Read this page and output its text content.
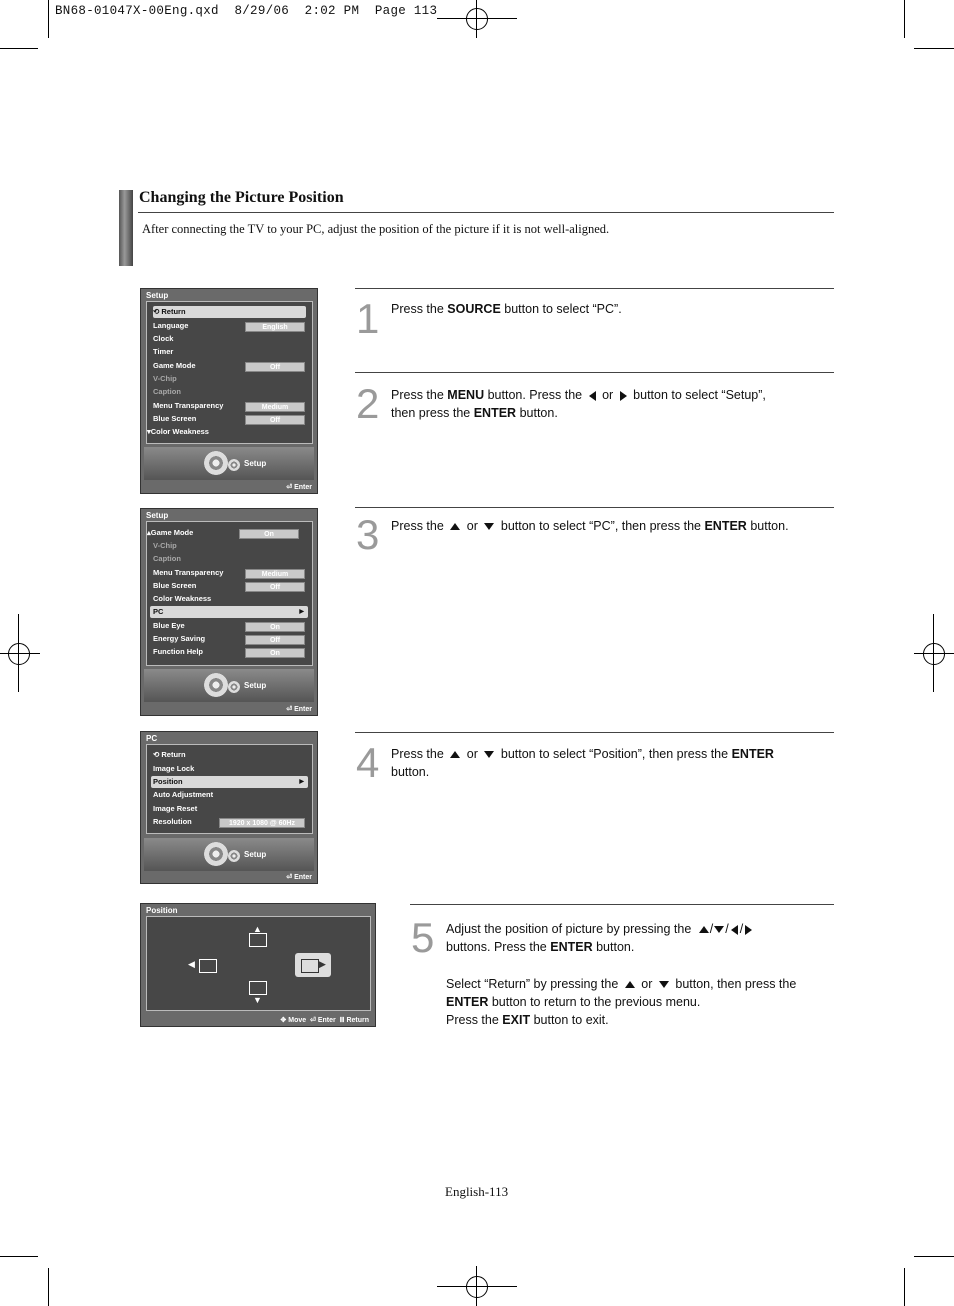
BN68-01047X-00Eng.qxd 8/29/06 2:02 PM Page 113
Changing the Picture Position
After connecting the TV to your PC, adjust the position of the picture if it is not well-aligned.
Setup
⟲ Return
Language	English
Clock
Timer
Game Mode	Off
V-Chip
Caption
Menu Transparency	Medium
Blue Screen	Off
▾Color Weakness
Setup
⏎ Enter
Setup
▴Game Mode	On
V-Chip
Caption
Menu Transparency	Medium
Blue Screen	Off
Color Weakness
PC	▶
Blue Eye	On
Energy Saving	Off
Function Help	On
Setup
⏎ Enter
PC
⟲ Return
Image Lock
Position	▶
Auto Adjustment
Image Reset
Resolution	1920 x 1080 @ 60Hz
Setup
⏎ Enter
Position
▲
◀	▶
▼
✥ Move  ⏎ Enter  Ⅲ Return
1 Press the SOURCE button to select “PC”.
2 Press the MENU button. Press the or button to select “Setup”,
then press the ENTER button.
3 Press the or button to select “PC”, then press the ENTER button.
4 Press the or button to select “Position”, then press the ENTER
button.
5 Adjust the position of picture by pressing the / / /
buttons. Press the ENTER button.

Select “Return” by pressing the or button, then press the
ENTER button to return to the previous menu.
Press the EXIT button to exit.
English-113
